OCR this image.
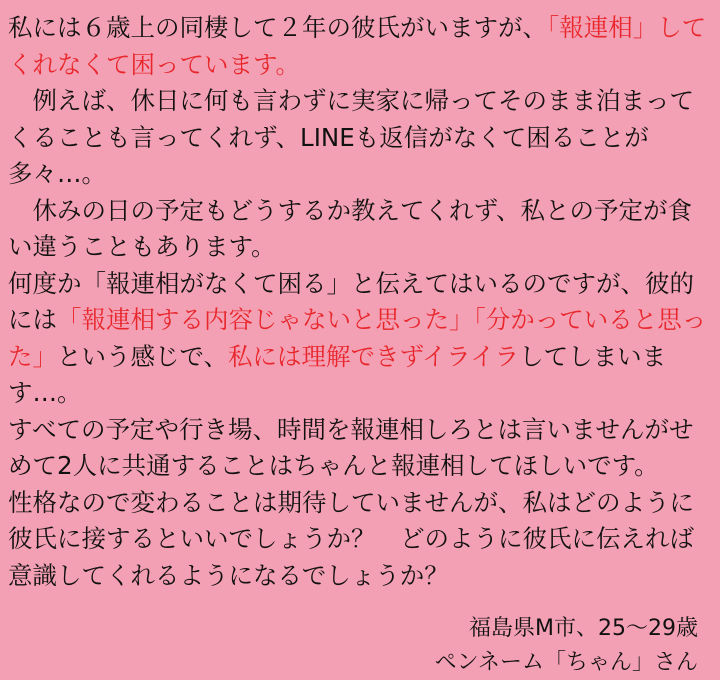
私には６歳上の同棲して２年の彼氏がいますが、「報連相」してくれなくて困っています。

　例えば、休日に何も言わずに実家に帰ってそのまま泊まってくることも言ってくれず、LINEも返信がなくて困ることが多々…。

　休みの日の予定もどうするか教えてくれず、私との予定が食い違うこともあります。

何度か「報連相がなくて困る」と伝えてはいるのですが、彼的には「報連相する内容じゃないと思った」「分かっていると思った」という感じで、私には理解できずイライラしてしまいます…。

すべての予定や行き場、時間を報連相しろとは言いませんがせめて2人に共通することはちゃんと報連相してほしいです。

性格なので変わることは期待していませんが、私はどのように彼氏に接するといいでしょうか？　どのように彼氏に伝えれば意識してくれるようになるでしょうか？

福島県M市、25〜29歳
ペンネーム「ちゃん」さん
